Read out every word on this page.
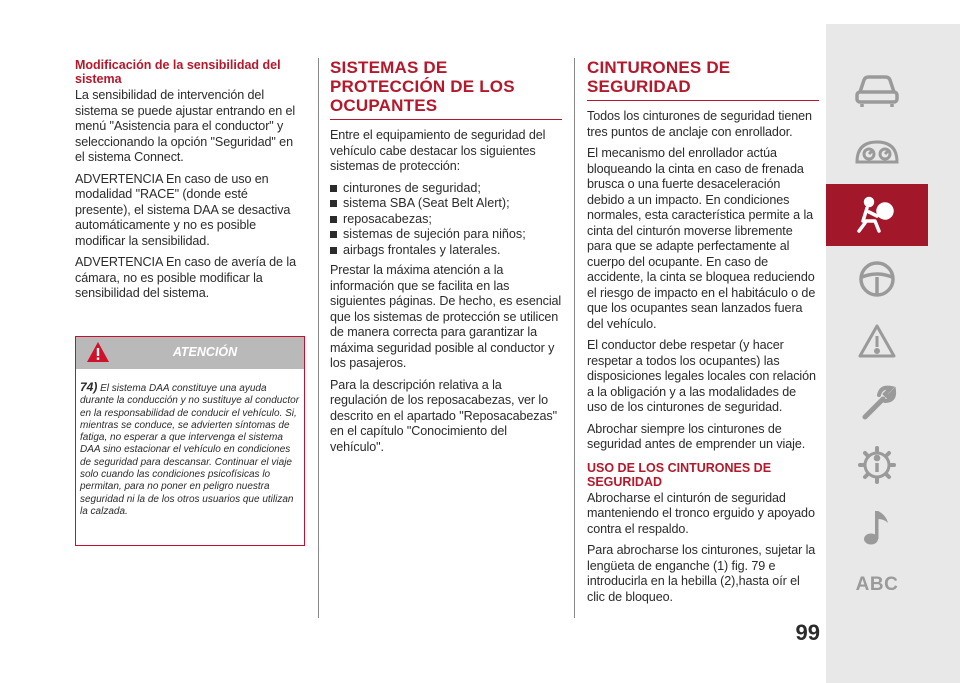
Modificación de la sensibilidad del sistema

La sensibilidad de intervención del sistema se puede ajustar entrando en el menú "Asistencia para el conductor" y seleccionando la opción "Seguridad" en el sistema Connect.

ADVERTENCIA En caso de uso en modalidad "RACE" (donde esté presente), el sistema DAA se desactiva automáticamente y no es posible modificar la sensibilidad.

ADVERTENCIA En caso de avería de la cámara, no es posible modificar la sensibilidad del sistema.

ATENCIÓN
74) El sistema DAA constituye una ayuda durante la conducción y no sustituye al conductor en la responsabilidad de conducir el vehículo. Si, mientras se conduce, se advierten síntomas de fatiga, no esperar a que intervenga el sistema DAA sino estacionar el vehículo en condiciones de seguridad para descansar. Continuar el viaje solo cuando las condiciones psicofísicas lo permitan, para no poner en peligro nuestra seguridad ni la de los otros usuarios que utilizan la calzada.
SISTEMAS DE PROTECCIÓN DE LOS OCUPANTES

Entre el equipamiento de seguridad del vehículo cabe destacar los siguientes sistemas de protección:

cinturones de seguridad;
sistema SBA (Seat Belt Alert);
reposacabezas;
sistemas de sujeción para niños;
airbags frontales y laterales.

Prestar la máxima atención a la información que se facilita en las siguientes páginas. De hecho, es esencial que los sistemas de protección se utilicen de manera correcta para garantizar la máxima seguridad posible al conductor y los pasajeros.

Para la descripción relativa a la regulación de los reposacabezas, ver lo descrito en el apartado "Reposacabezas" en el capítulo "Conocimiento del vehículo".

CINTURONES DE SEGURIDAD

Todos los cinturones de seguridad tienen tres puntos de anclaje con enrollador.

El mecanismo del enrollador actúa bloqueando la cinta en caso de frenada brusca o una fuerte desaceleración debido a un impacto. En condiciones normales, esta característica permite a la cinta del cinturón moverse libremente para que se adapte perfectamente al cuerpo del ocupante. En caso de accidente, la cinta se bloquea reduciendo el riesgo de impacto en el habitáculo o de que los ocupantes sean lanzados fuera del vehículo.

El conductor debe respetar (y hacer respetar a todos los ocupantes) las disposiciones legales locales con relación a la obligación y a las modalidades de uso de los cinturones de seguridad.

Abrochar siempre los cinturones de seguridad antes de emprender un viaje.

USO DE LOS CINTURONES DE SEGURIDAD

Abrocharse el cinturón de seguridad manteniendo el tronco erguido y apoyado contra el respaldo.

Para abrocharse los cinturones, sujetar la lengüeta de enganche (1) fig. 79 e introducirla en la hebilla (2),hasta oír el clic de bloqueo.

99
ABC
